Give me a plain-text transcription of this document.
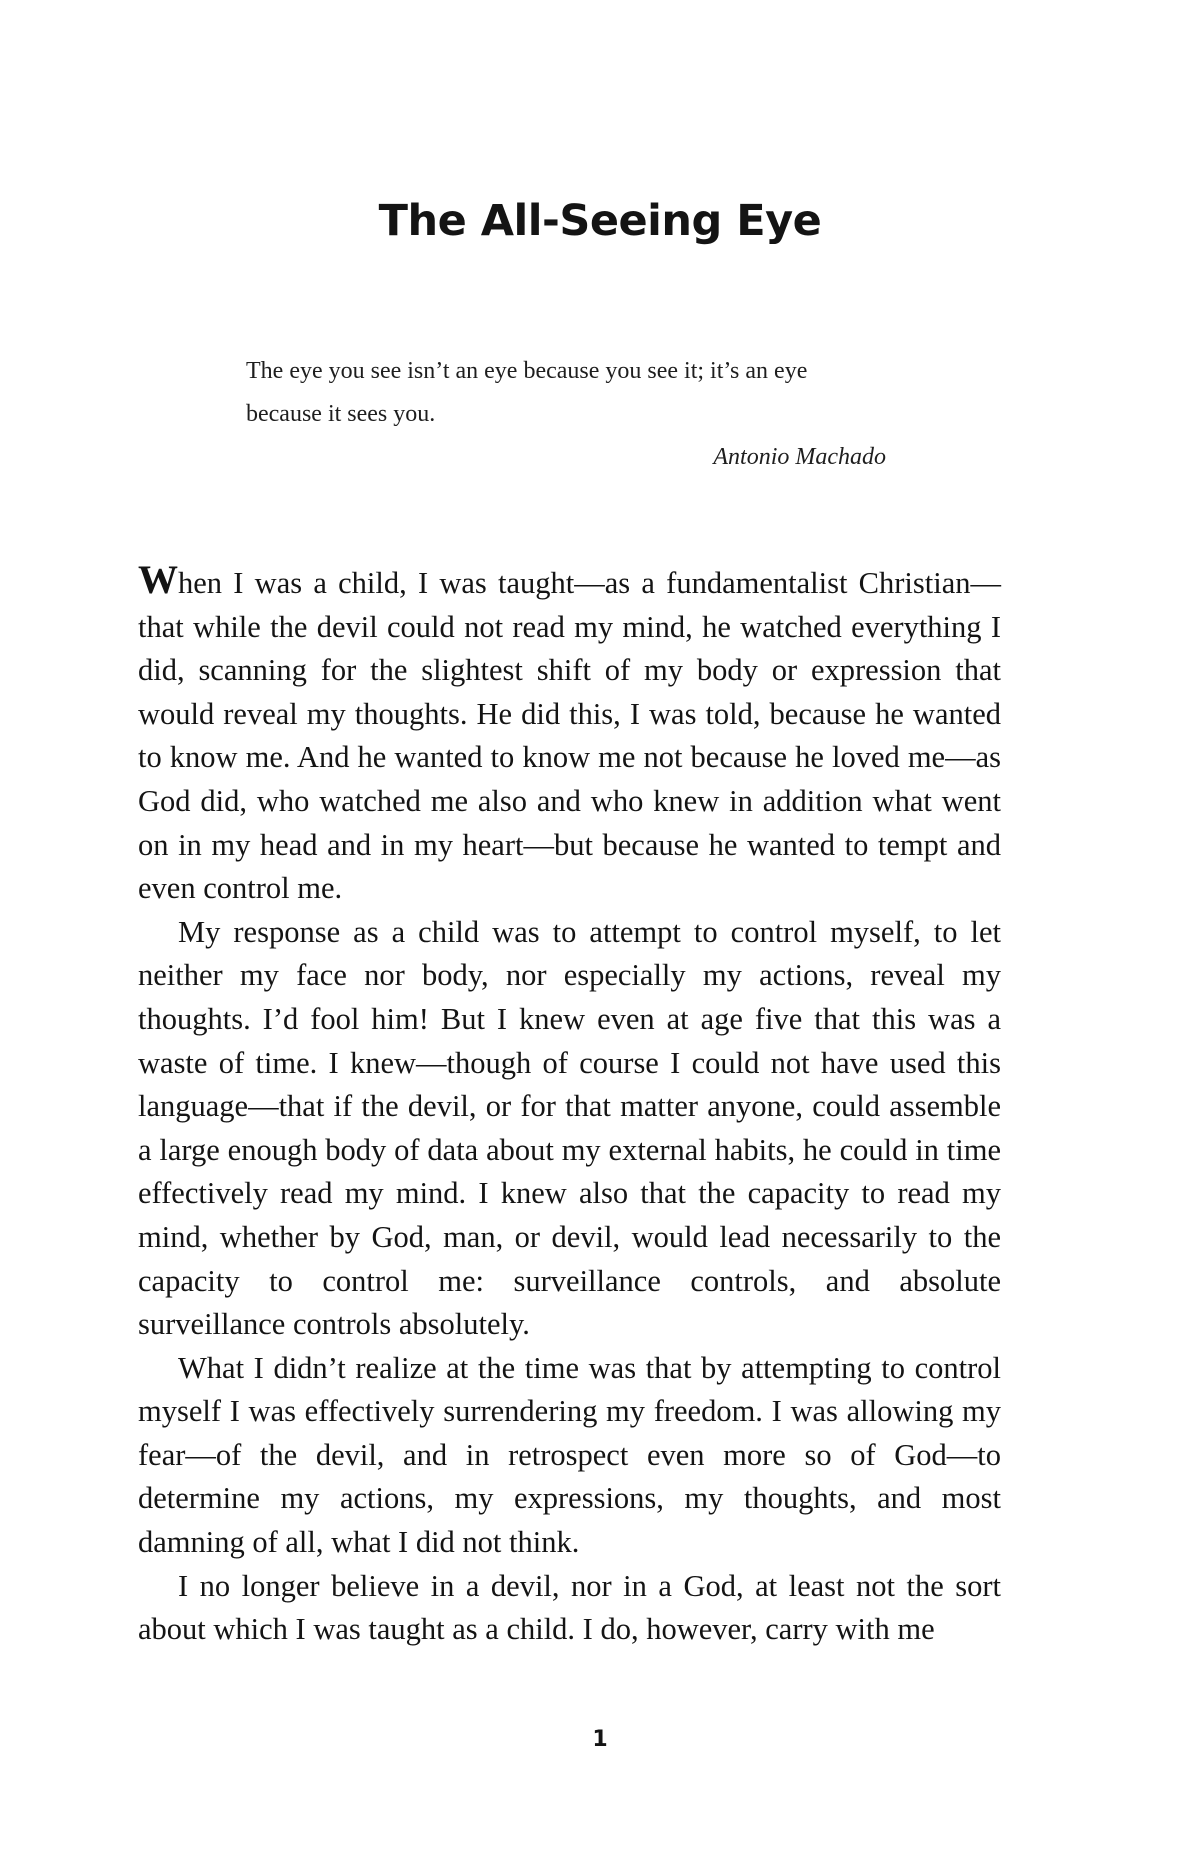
The All-Seeing Eye

The eye you see isn’t an eye because you see it; it’s an eye because it sees you.

Antonio Machado

When I was a child, I was taught—as a fundamentalist Christian—that while the devil could not read my mind, he watched everything I did, scanning for the slightest shift of my body or expression that would reveal my thoughts. He did this, I was told, because he wanted to know me. And he wanted to know me not because he loved me—as God did, who watched me also and who knew in addition what went on in my head and in my heart—but because he wanted to tempt and even control me.

My response as a child was to attempt to control myself, to let neither my face nor body, nor especially my actions, reveal my thoughts. I’d fool him! But I knew even at age five that this was a waste of time. I knew—though of course I could not have used this language—that if the devil, or for that matter anyone, could assemble a large enough body of data about my external habits, he could in time effectively read my mind. I knew also that the capacity to read my mind, whether by God, man, or devil, would lead necessarily to the capacity to control me: surveillance controls, and absolute surveillance controls absolutely.

What I didn’t realize at the time was that by attempting to control myself I was effectively surrendering my freedom. I was allowing my fear—of the devil, and in retrospect even more so of God—to determine my actions, my expressions, my thoughts, and most damning of all, what I did not think.

I no longer believe in a devil, nor in a God, at least not the sort about which I was taught as a child. I do, however, carry with me

1
